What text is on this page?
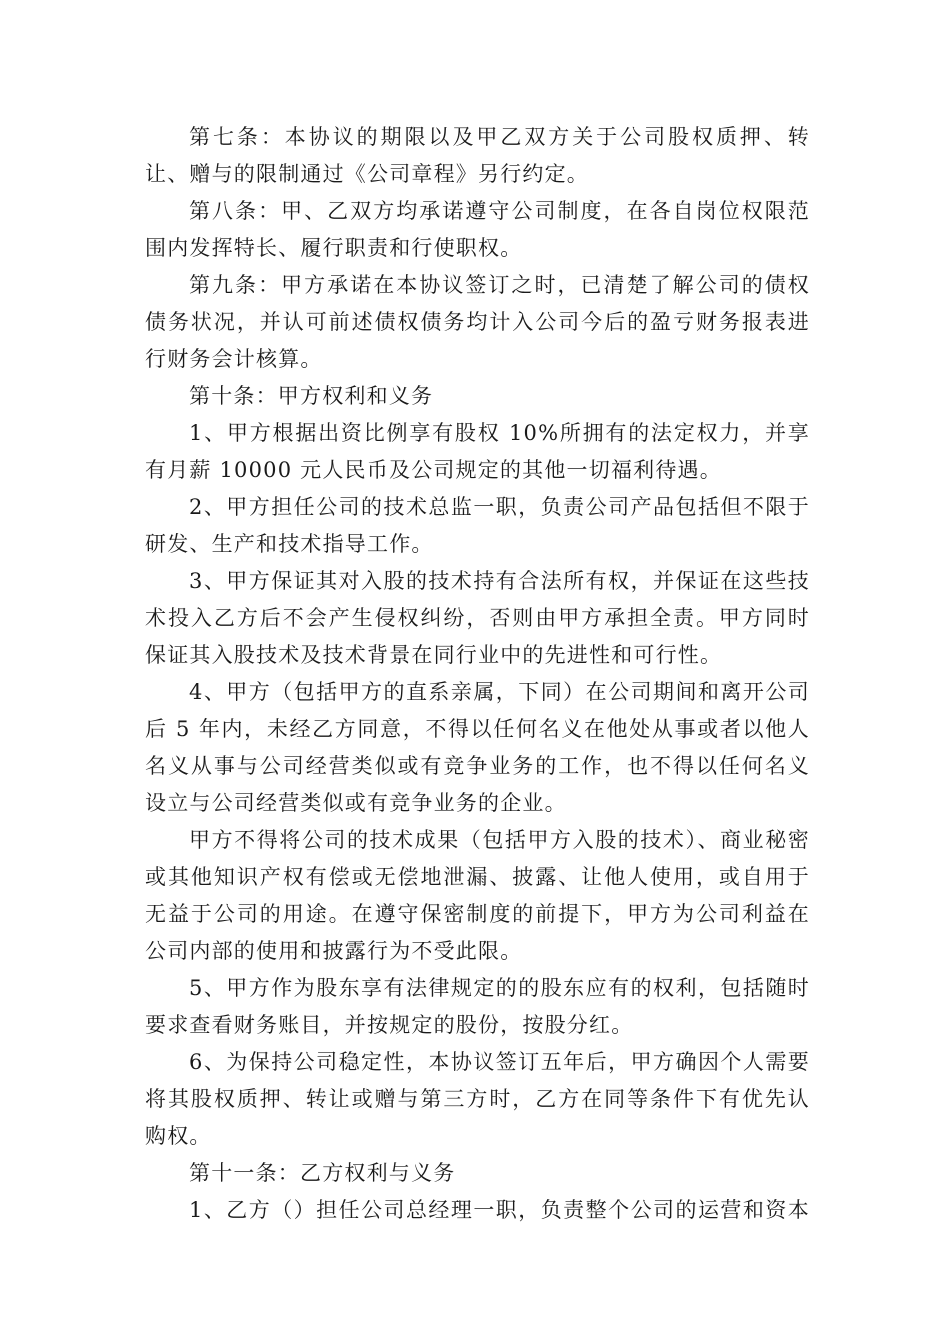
第七条：本协议的期限以及甲乙双方关于公司股权质押、转让、赠与的限制通过《公司章程》另行约定。

第八条：甲、乙双方均承诺遵守公司制度，在各自岗位权限范围内发挥特长、履行职责和行使职权。

第九条：甲方承诺在本协议签订之时，已清楚了解公司的债权债务状况，并认可前述债权债务均计入公司今后的盈亏财务报表进行财务会计核算。

第十条：甲方权利和义务

1、甲方根据出资比例享有股权 10%所拥有的法定权力，并享有月薪 10000 元人民币及公司规定的其他一切福利待遇。

2、甲方担任公司的技术总监一职，负责公司产品包括但不限于研发、生产和技术指导工作。

3、甲方保证其对入股的技术持有合法所有权，并保证在这些技术投入乙方后不会产生侵权纠纷，否则由甲方承担全责。甲方同时保证其入股技术及技术背景在同行业中的先进性和可行性。

4、甲方（包括甲方的直系亲属，下同）在公司期间和离开公司后 5 年内，未经乙方同意，不得以任何名义在他处从事或者以他人名义从事与公司经营类似或有竞争业务的工作，也不得以任何名义设立与公司经营类似或有竞争业务的企业。

甲方不得将公司的技术成果（包括甲方入股的技术）、商业秘密或其他知识产权有偿或无偿地泄漏、披露、让他人使用，或自用于无益于公司的用途。在遵守保密制度的前提下，甲方为公司利益在公司内部的使用和披露行为不受此限。

5、甲方作为股东享有法律规定的的股东应有的权利，包括随时要求查看财务账目，并按规定的股份，按股分红。

6、为保持公司稳定性，本协议签订五年后，甲方确因个人需要将其股权质押、转让或赠与第三方时，乙方在同等条件下有优先认购权。

第十一条：乙方权利与义务

1、乙方（）担任公司总经理一职，负责整个公司的运营和资本
